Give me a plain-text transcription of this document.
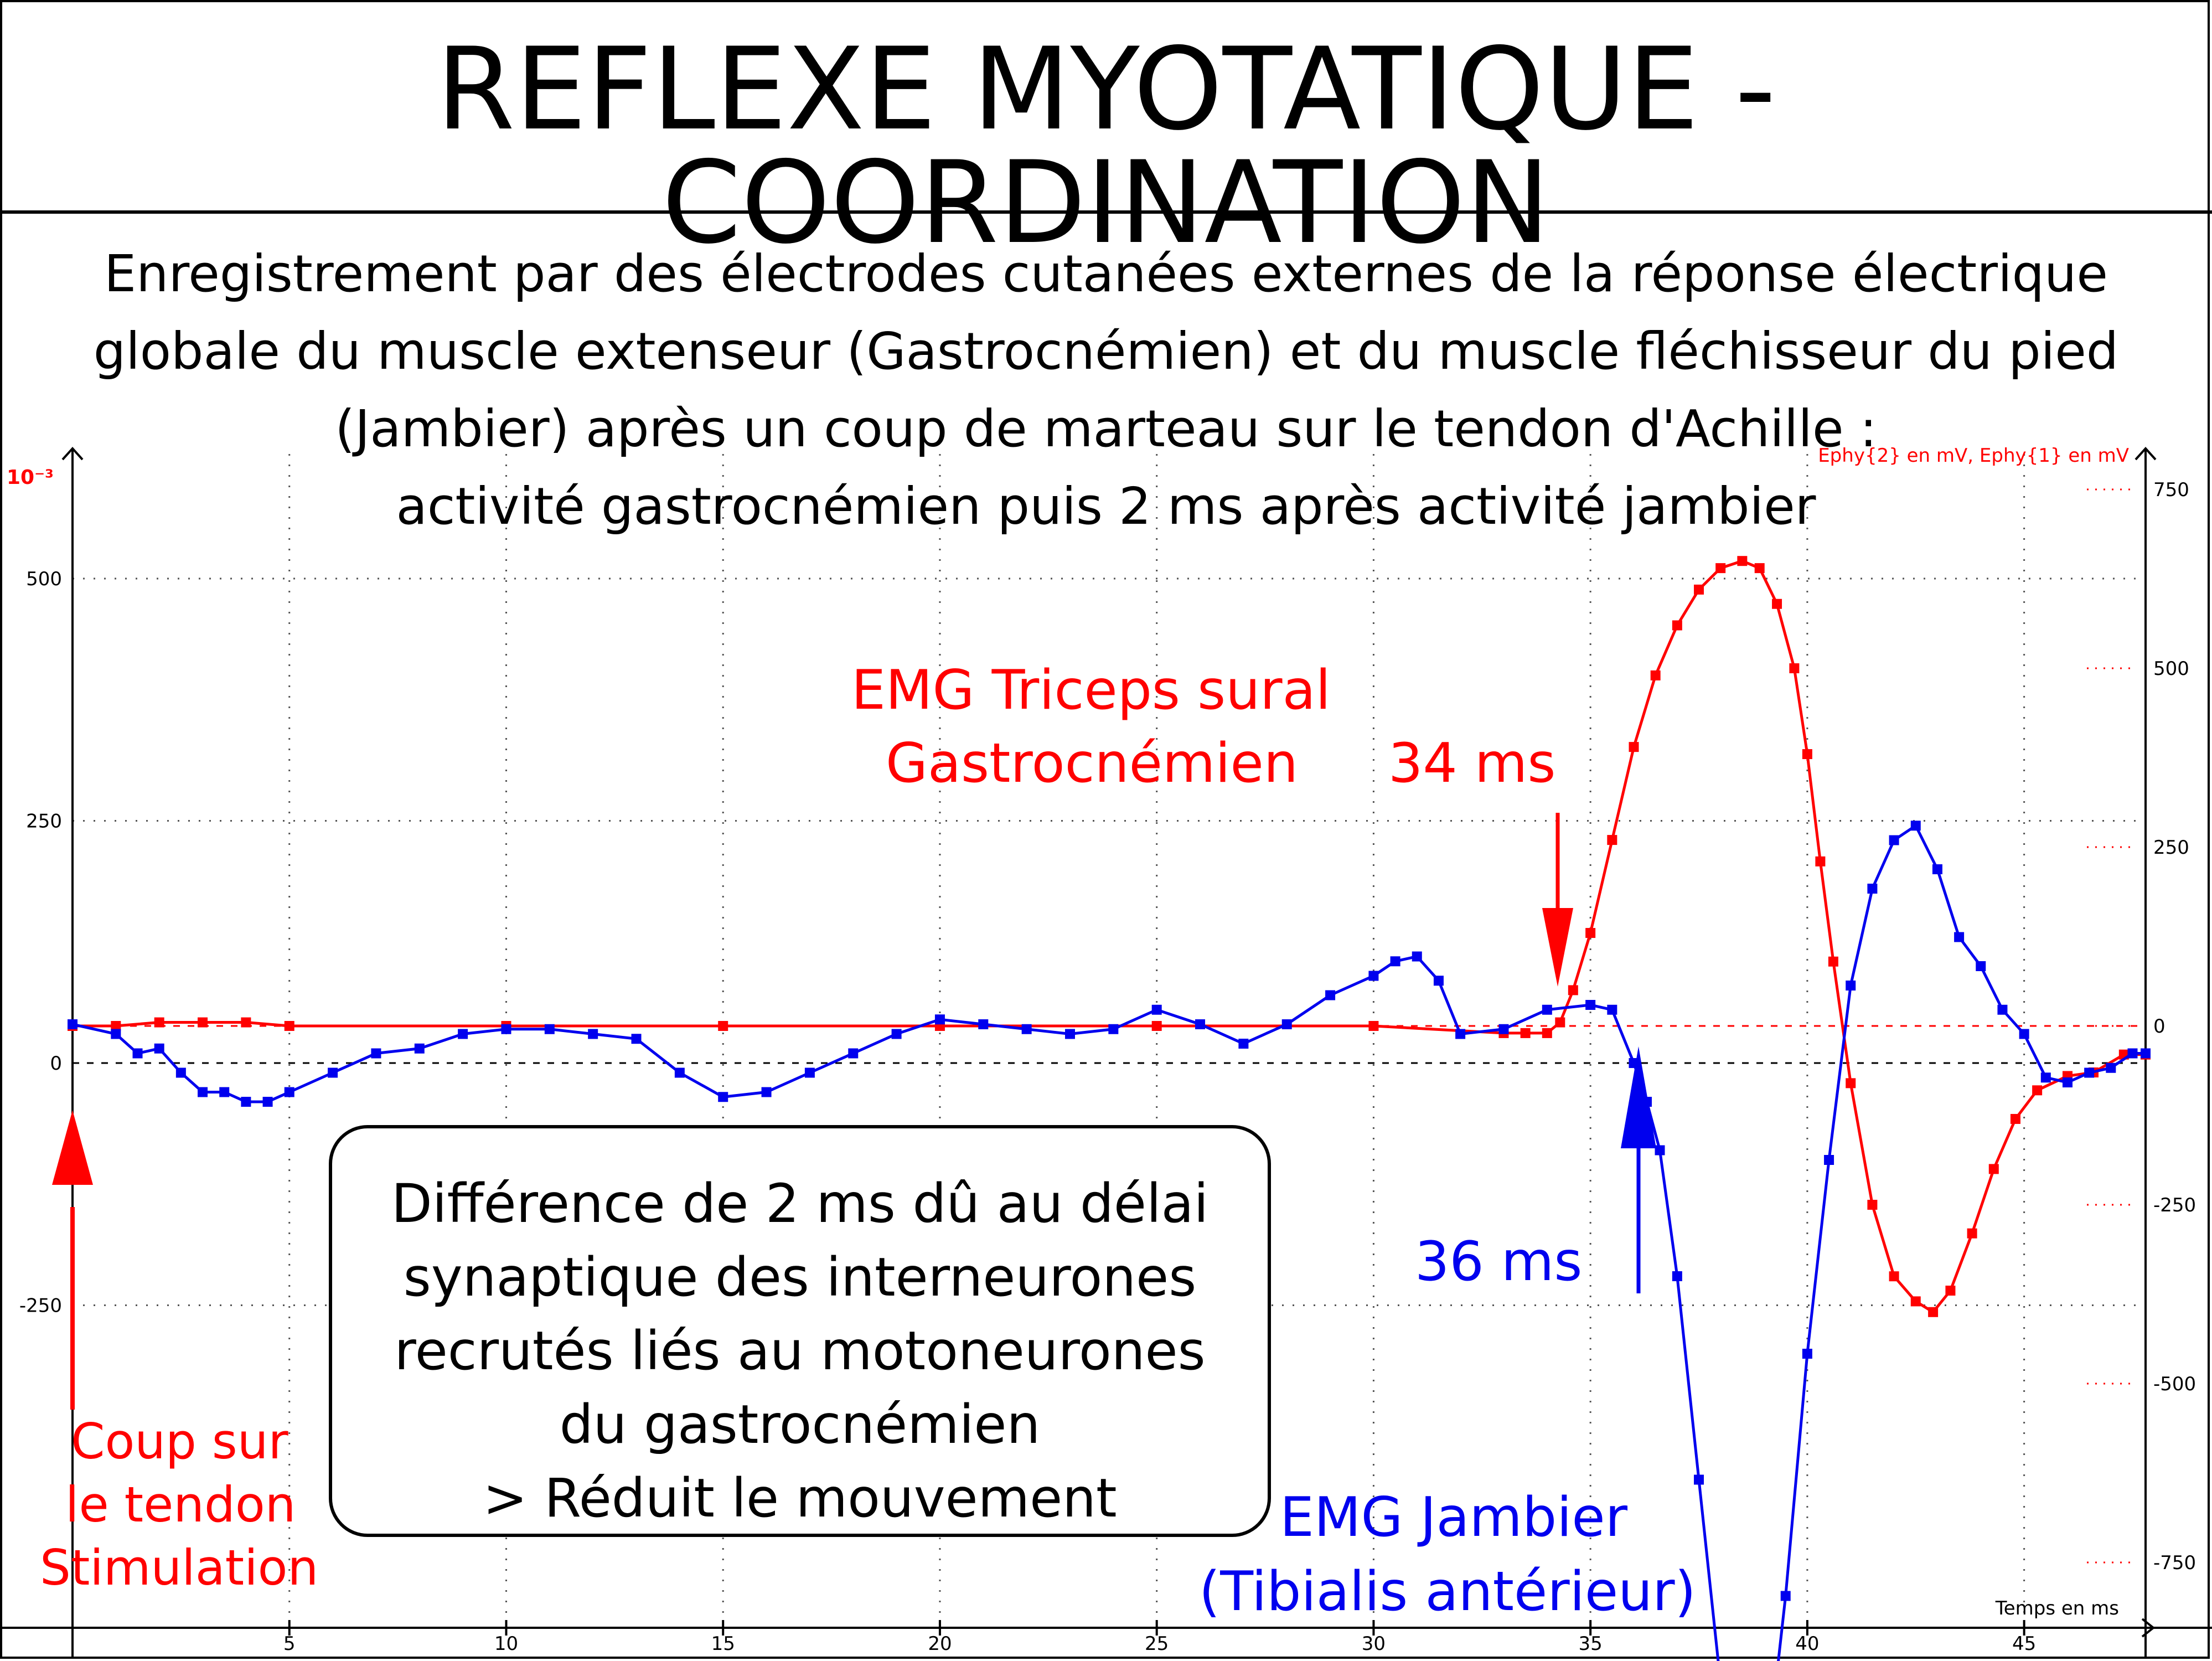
REFLEXE MYOTATIQUE - COORDINATION
5	10	15	20	25	30	35	40	45
Temps en ms
10⁻³
500
250
0
-250
Ephy{2} en mV, Ephy{1} en mV
750
500
250
0
-250
-500
-750
Enregistrement par des électrodes cutanées externes de la réponse électrique
globale du muscle extenseur (Gastrocnémien) et du muscle fléchisseur du pied
(Jambier) après un coup de marteau sur le tendon d'Achille :
activité gastrocnémien puis 2 ms après activité jambier
EMG Triceps sural
Gastrocnémien 34 ms
36 ms
EMG Jambier
(Tibialis antérieur)
Coup sur
le tendon
Stimulation
Différence de 2 ms dû au délai
synaptique des interneurones
recrutés liés au motoneurones
du gastrocnémien
> Réduit le mouvement
